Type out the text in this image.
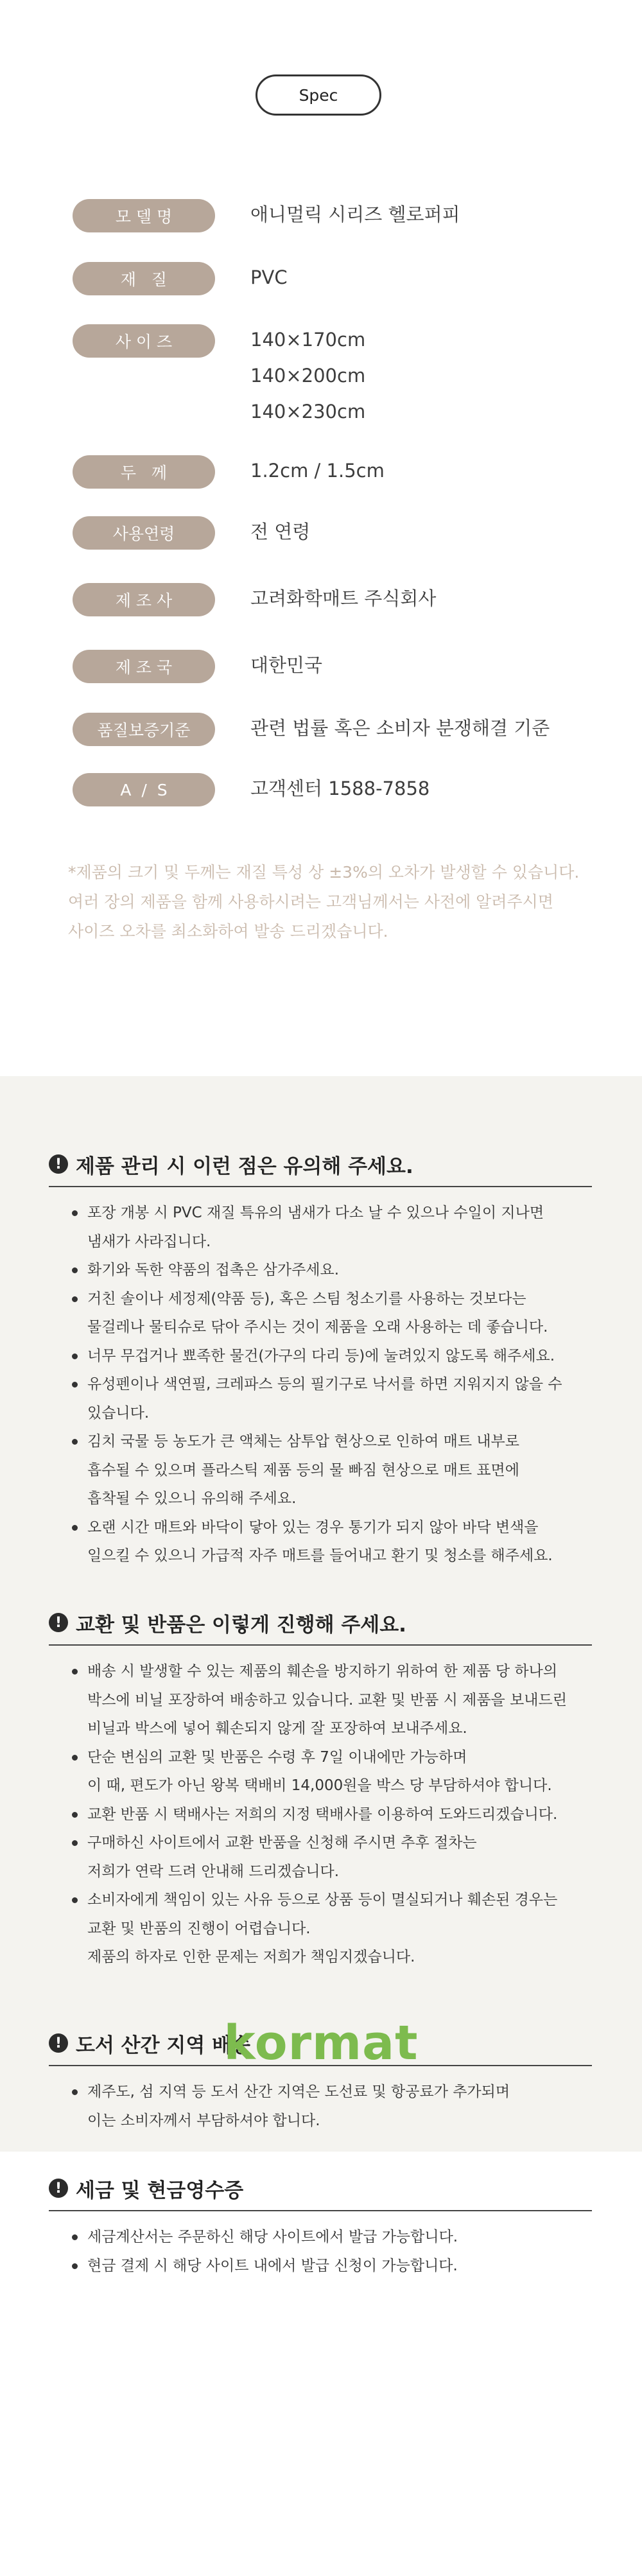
Spec
모 델 명	애니멀릭 시리즈 헬로퍼피
재   질	PVC
사 이 즈	140×170cm
140×200cm
140×230cm
두   께	1.2cm / 1.5cm
사용연령	전 연령
제 조 사	고려화학매트 주식회사
제 조 국	대한민국
품질보증기준	관련 법률 혹은 소비자 분쟁해결 기준
A  /  S	고객센터 1588-7858
*제품의 크기 및 두께는 재질 특성 상 ±3%의 오차가 발생할 수 있습니다.
여러 장의 제품을 함께 사용하시려는 고객님께서는 사전에 알려주시면
사이즈 오차를 최소화하여 발송 드리겠습니다.
! 제품 관리 시 이런 점은 유의해 주세요.
포장 개봉 시 PVC 재질 특유의 냄새가 다소 날 수 있으나 수일이 지나면
냄새가 사라집니다.
화기와 독한 약품의 접촉은 삼가주세요.
거친 솔이나 세정제(약품 등), 혹은 스팀 청소기를 사용하는 것보다는
물걸레나 물티슈로 닦아 주시는 것이 제품을 오래 사용하는 데 좋습니다.
너무 무겁거나 뾰족한 물건(가구의 다리 등)에 눌려있지 않도록 해주세요.
유성펜이나 색연필, 크레파스 등의 필기구로 낙서를 하면 지워지지 않을 수
있습니다.
김치 국물 등 농도가 큰 액체는 삼투압 현상으로 인하여 매트 내부로
흡수될 수 있으며 플라스틱 제품 등의 물 빠짐 현상으로 매트 표면에
흡착될 수 있으니 유의해 주세요.
오랜 시간 매트와 바닥이 닿아 있는 경우 통기가 되지 않아 바닥 변색을
일으킬 수 있으니 가급적 자주 매트를 들어내고 환기 및 청소를 해주세요.
! 교환 및 반품은 이렇게 진행해 주세요.
배송 시 발생할 수 있는 제품의 훼손을 방지하기 위하여 한 제품 당 하나의
박스에 비닐 포장하여 배송하고 있습니다. 교환 및 반품 시 제품을 보내드린
비닐과 박스에 넣어 훼손되지 않게 잘 포장하여 보내주세요.
단순 변심의 교환 및 반품은 수령 후 7일 이내에만 가능하며
이 때, 편도가 아닌 왕복 택배비 14,000원을 박스 당 부담하셔야 합니다.
교환 반품 시 택배사는 저희의 지정 택배사를 이용하여 도와드리겠습니다.
구매하신 사이트에서 교환 반품을 신청해 주시면 추후 절차는
저희가 연락 드려 안내해 드리겠습니다.
소비자에게 책임이 있는 사유 등으로 상품 등이 멸실되거나 훼손된 경우는
교환 및 반품의 진행이 어렵습니다.
제품의 하자로 인한 문제는 저희가 책임지겠습니다.
! 도서 산간 지역 배송
제주도, 섬 지역 등 도서 산간 지역은 도선료 및 항공료가 추가되며
이는 소비자께서 부담하셔야 합니다.
! 세금 및 현금영수증
세금계산서는 주문하신 해당 사이트에서 발급 가능합니다.
현금 결제 시 해당 사이트 내에서 발급 신청이 가능합니다.
kormat
